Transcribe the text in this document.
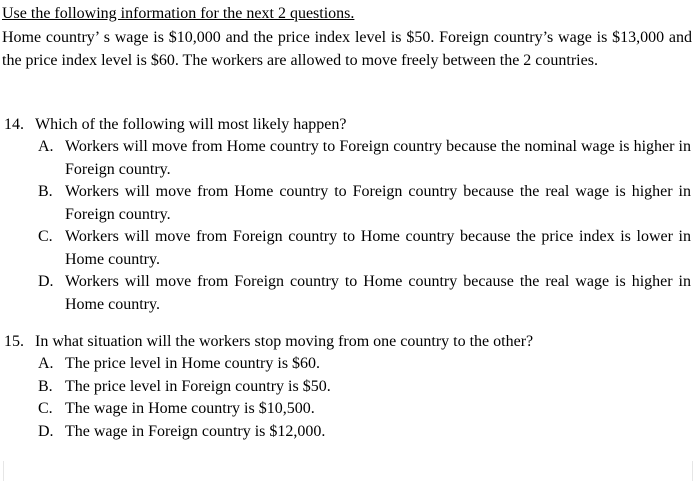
Use the following information for the next 2 questions.
Home country’ s wage is $10,000 and the price index level is $50. Foreign country’s wage is $13,000 and the price index level is $60. The workers are allowed to move freely between the 2 countries.
14. Which of the following will most likely happen?
A. Workers will move from Home country to Foreign country because the nominal wage is higher in Foreign country.
B. Workers will move from Home country to Foreign country because the real wage is higher in Foreign country.
C. Workers will move from Foreign country to Home country because the price index is lower in Home country.
D. Workers will move from Foreign country to Home country because the real wage is higher in Home country.
15. In what situation will the workers stop moving from one country to the other?
A. The price level in Home country is $60.
B. The price level in Foreign country is $50.
C. The wage in Home country is $10,500.
D. The wage in Foreign country is $12,000.
